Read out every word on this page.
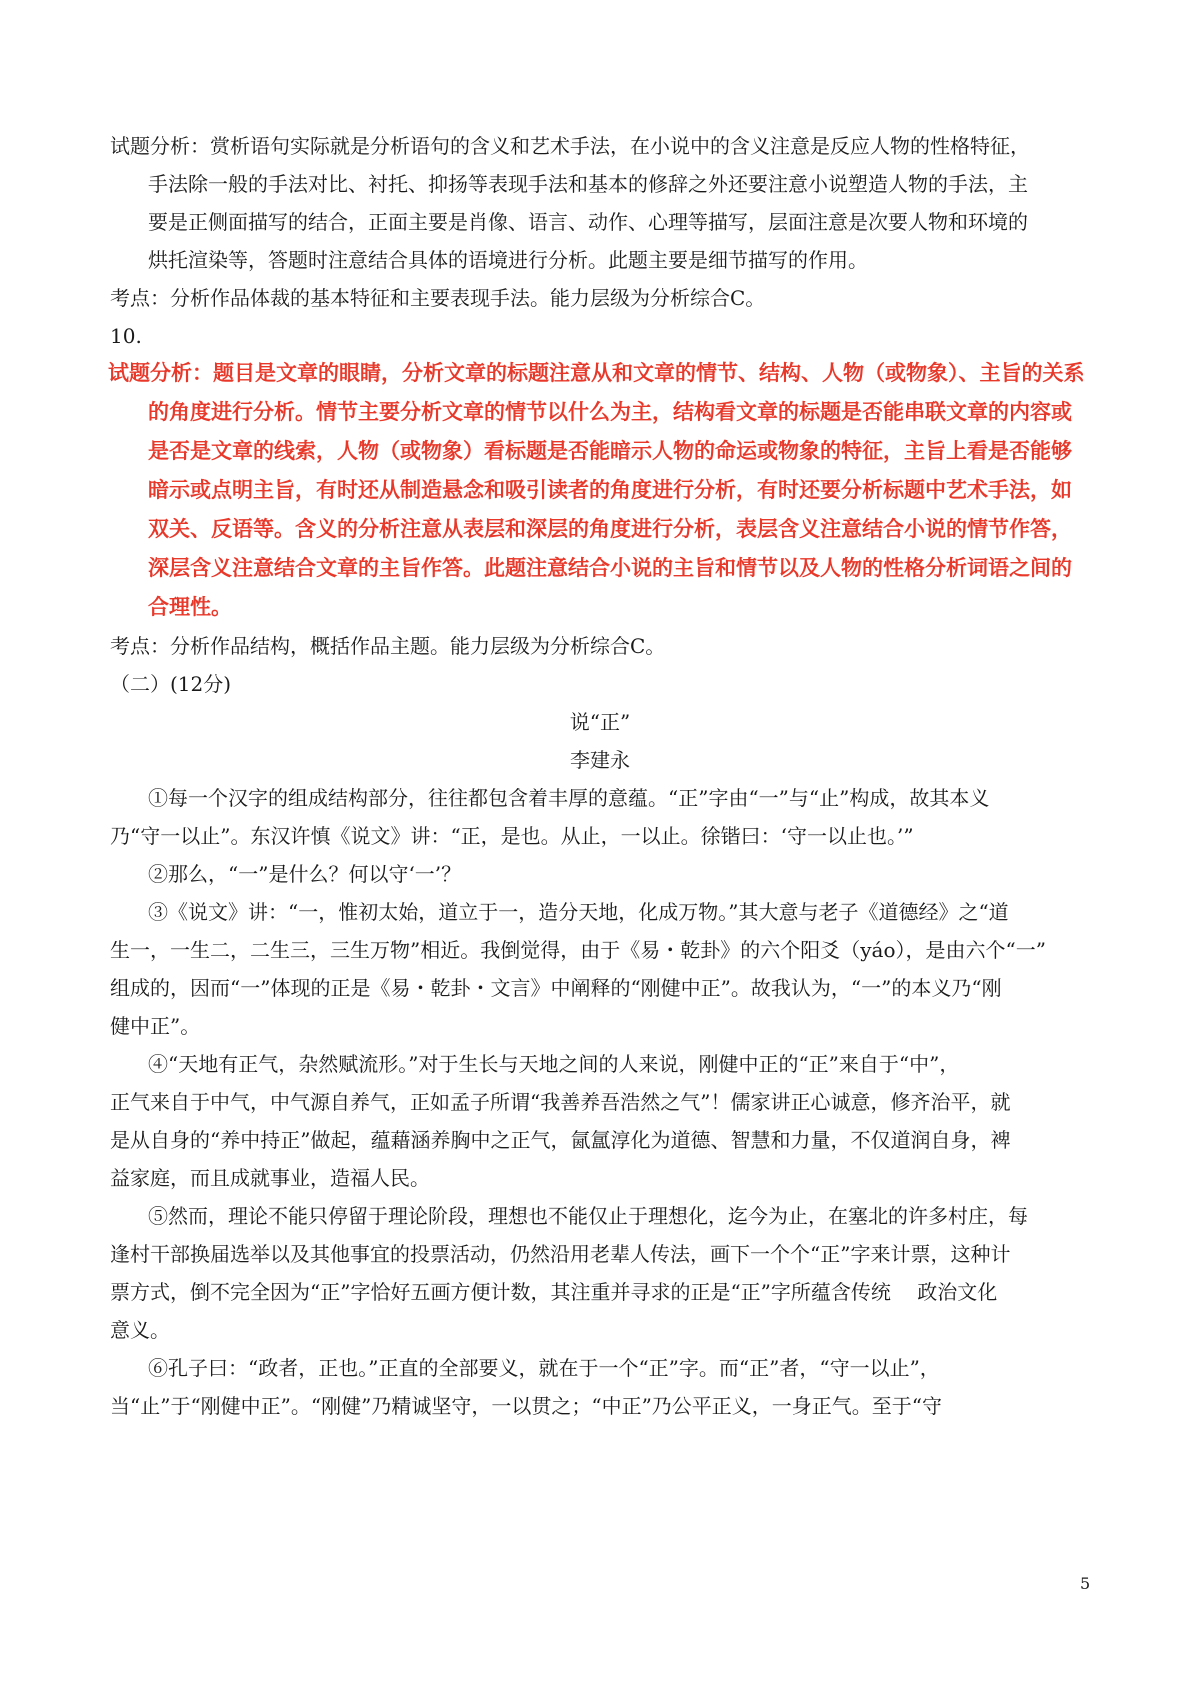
试题分析：赏析语句实际就是分析语句的含义和艺术手法，在小说中的含义注意是反应人物的性格特征，
手法除一般的手法对比、衬托、抑扬等表现手法和基本的修辞之外还要注意小说塑造人物的手法，主
要是正侧面描写的结合，正面主要是肖像、语言、动作、心理等描写，层面注意是次要人物和环境的
烘托渲染等，答题时注意结合具体的语境进行分析。此题主要是细节描写的作用。
考点：分析作品体裁的基本特征和主要表现手法。能力层级为分析综合C。
10.
试题分析：题目是文章的眼睛，分析文章的标题注意从和文章的情节、结构、人物（或物象）、主旨的关系
的角度进行分析。情节主要分析文章的情节以什么为主，结构看文章的标题是否能串联文章的内容或
是否是文章的线索，人物（或物象）看标题是否能暗示人物的命运或物象的特征，主旨上看是否能够
暗示或点明主旨，有时还从制造悬念和吸引读者的角度进行分析，有时还要分析标题中艺术手法，如
双关、反语等。含义的分析注意从表层和深层的角度进行分析，表层含义注意结合小说的情节作答，
深层含义注意结合文章的主旨作答。此题注意结合小说的主旨和情节以及人物的性格分析词语之间的
合理性。
考点：分析作品结构，概括作品主题。能力层级为分析综合C。
（二）(12分)
说“正”
李建永
①每一个汉字的组成结构部分，往往都包含着丰厚的意蕴。“正”字由“一”与“止”构成，故其本义
乃“守一以止”。东汉许慎《说文》讲：“正，是也。从止，一以止。徐锴曰：‘守一以止也。’”
②那么，“一”是什么？何以守‘一’？
③《说文》讲：“一，惟初太始，道立于一，造分天地，化成万物。”其大意与老子《道德经》之“道
生一，一生二，二生三，三生万物”相近。我倒觉得，由于《易・乾卦》的六个阳爻（yáo），是由六个“一”
组成的，因而“一”体现的正是《易・乾卦・文言》中阐释的“刚健中正”。故我认为，“一”的本义乃“刚
健中正”。
④“天地有正气，杂然赋流形。”对于生长与天地之间的人来说，刚健中正的“正”来自于“中”，
正气来自于中气，中气源自养气，正如孟子所谓“我善养吾浩然之气”！儒家讲正心诚意，修齐治平，就
是从自身的“养中持正”做起，蕴藉涵养胸中之正气，氤氲淳化为道德、智慧和力量，不仅道润自身，裨
益家庭，而且成就事业，造福人民。
⑤然而，理论不能只停留于理论阶段，理想也不能仅止于理想化，迄今为止，在塞北的许多村庄，每
逢村干部换届选举以及其他事宜的投票活动，仍然沿用老辈人传法，画下一个个“正”字来计票，这种计
票方式，倒不完全因为“正”字恰好五画方便计数，其注重并寻求的正是“正”字所蕴含传统　 政治文化
意义。
⑥孔子曰：“政者，正也。”正直的全部要义，就在于一个“正”字。而“正”者，“守一以止”，
当“止”于“刚健中正”。“刚健”乃精诚坚守，一以贯之；“中正”乃公平正义，一身正气。至于“守
5
